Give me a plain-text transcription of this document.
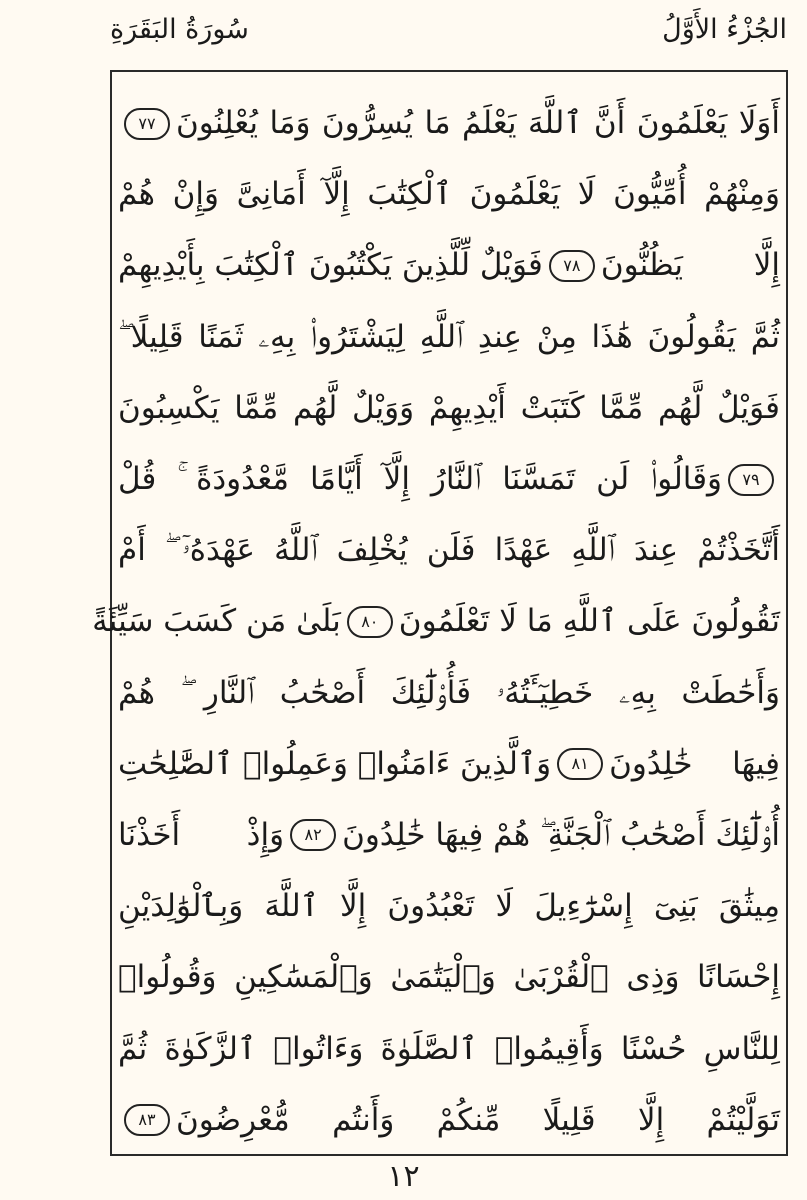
الجُزْءُ الأَوَّلُ
سُورَةُ البَقَرَةِ
أَوَلَا يَعْلَمُونَ أَنَّ ٱللَّهَ يَعْلَمُ مَا يُسِرُّونَ وَمَا يُعْلِنُونَ
٧٧
وَمِنْهُمْ أُمِّيُّونَ لَا يَعْلَمُونَ ٱلْكِتَٰبَ إِلَّآ أَمَانِىَّ وَإِنْ هُمْ
إِلَّا يَظُنُّونَ
٧٨
فَوَيْلٌ لِّلَّذِينَ يَكْتُبُونَ ٱلْكِتَٰبَ بِأَيْدِيهِمْ
ثُمَّ يَقُولُونَ هَٰذَا مِنْ عِندِ ٱللَّهِ لِيَشْتَرُوا۟ بِهِۦ ثَمَنًا قَلِيلًا ۖ
فَوَيْلٌ لَّهُم مِّمَّا كَتَبَتْ أَيْدِيهِمْ وَوَيْلٌ لَّهُم مِّمَّا يَكْسِبُونَ
٧٩
وَقَالُوا۟ لَن تَمَسَّنَا ٱلنَّارُ إِلَّآ أَيَّامًا مَّعْدُودَةً ۚ قُلْ
أَتَّخَذْتُمْ عِندَ ٱللَّهِ عَهْدًا فَلَن يُخْلِفَ ٱللَّهُ عَهْدَهُۥٓ ۖ أَمْ
تَقُولُونَ عَلَى ٱللَّهِ مَا لَا تَعْلَمُونَ
٨٠
بَلَىٰ مَن كَسَبَ سَيِّئَةً
وَأَحَٰطَتْ بِهِۦ خَطِيٓـَٔتُهُۥ فَأُو۟لَٰٓئِكَ أَصْحَٰبُ ٱلنَّارِ ۖ هُمْ
فِيهَا خَٰلِدُونَ
٨١
وَٱلَّذِينَ ءَامَنُوا۟ وَعَمِلُوا۟ ٱلصَّٰلِحَٰتِ
أُو۟لَٰٓئِكَ أَصْحَٰبُ ٱلْجَنَّةِ ۖ هُمْ فِيهَا خَٰلِدُونَ
٨٢
وَإِذْ أَخَذْنَا
مِيثَٰقَ بَنِىٓ إِسْرَٰٓءِيلَ لَا تَعْبُدُونَ إِلَّا ٱللَّهَ وَبِٱلْوَٰلِدَيْنِ
إِحْسَانًا وَذِى ٱلْقُرْبَىٰ وَٱلْيَتَٰمَىٰ وَٱلْمَسَٰكِينِ وَقُولُوا۟
لِلنَّاسِ حُسْنًا وَأَقِيمُوا۟ ٱلصَّلَوٰةَ وَءَاتُوا۟ ٱلزَّكَوٰةَ ثُمَّ
تَوَلَّيْتُمْ إِلَّا قَلِيلًا مِّنكُمْ وَأَنتُم مُّعْرِضُونَ
٨٣
١٢
